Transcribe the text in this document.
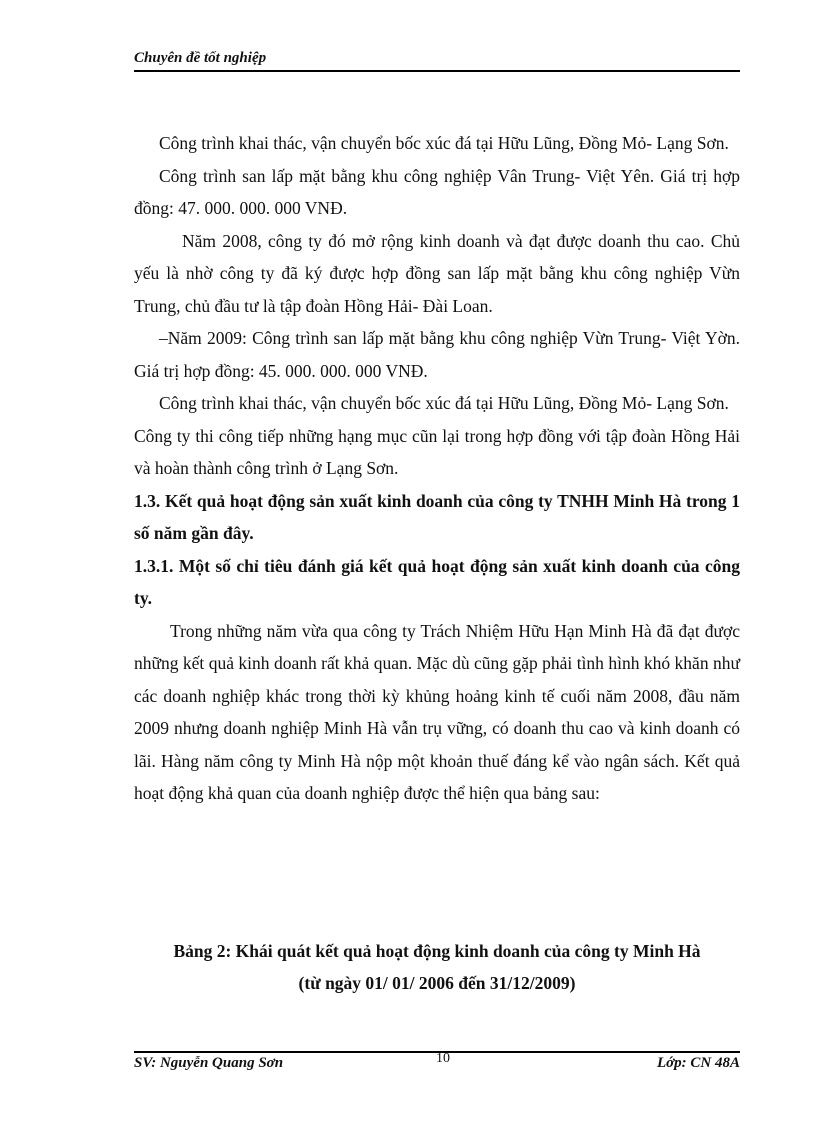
Chuyên đề tốt nghiệp

Công trình khai thác, vận chuyển bốc xúc đá tại Hữu Lũng, Đồng Mỏ- Lạng Sơn.

Công trình san lấp mặt bằng khu công nghiệp Vân Trung- Việt Yên. Giá trị hợp đồng: 47. 000. 000. 000 VNĐ.

Năm 2008, công ty đó mở rộng kinh doanh và đạt được doanh thu cao. Chủ yếu là nhờ công ty đã ký được hợp đồng san lấp mặt bằng khu công nghiệp Vừn Trung, chủ đầu tư là tập đoàn Hồng Hải- Đài Loan.

–Năm 2009: Công trình san lấp mặt bằng khu công nghiệp Vừn Trung- Việt Yờn. Giá trị hợp đồng: 45. 000. 000. 000 VNĐ.

Công trình khai thác, vận chuyển bốc xúc đá tại Hữu Lũng, Đồng Mỏ- Lạng Sơn.

Công ty thi công tiếp những hạng mục cũn lại trong hợp đồng với tập đoàn Hồng Hải và hoàn thành công trình ở Lạng Sơn.

1.3. Kết quả hoạt động sản xuất kinh doanh của công ty TNHH Minh Hà trong 1 số năm gần đây.

1.3.1. Một số chỉ tiêu đánh giá kết quả hoạt động sản xuất kinh doanh của công ty.

Trong những năm vừa qua công ty Trách Nhiệm Hữu Hạn Minh Hà đã đạt được những kết quả kinh doanh rất khả quan. Mặc dù cũng gặp phải tình hình khó khăn như các doanh nghiệp khác trong thời kỳ khủng hoảng kinh tế cuối năm 2008, đầu năm 2009 nhưng doanh nghiệp Minh Hà vẫn trụ vững, có doanh thu cao và kinh doanh có lãi. Hàng năm công ty Minh Hà nộp một khoản thuế đáng kể vào ngân sách. Kết quả hoạt động khả quan của doanh nghiệp được thể hiện qua bảng sau:

Bảng 2: Khái quát kết quả hoạt động kinh doanh của công ty Minh Hà
(từ ngày 01/ 01/ 2006 đến 31/12/2009)
SV: Nguyễn Quang Sơn	10	Lớp: CN 48A
